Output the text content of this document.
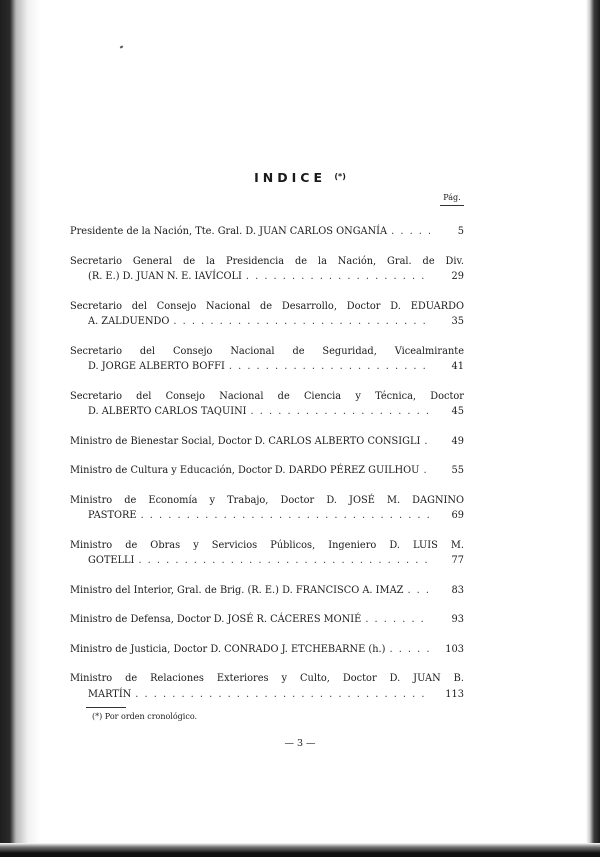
INDICE (*)
Pág.
Presidente de la Nación, Tte. Gral. D. JUAN CARLOS ONGANÍA . . .	5
Secretario General de la Presidencia de la Nación, Gral. de Div.
(R. E.) D. JUAN N. E. IAVÍCOLI . . .	29
Secretario del Consejo Nacional de Desarrollo, Doctor D. EDUARDO
A. ZALDUENDO . . .	35
Secretario del Consejo Nacional de Seguridad, Vicealmirante
D. JORGE ALBERTO BOFFI . . .	41
Secretario del Consejo Nacional de Ciencia y Técnica, Doctor
D. ALBERTO CARLOS TAQUINI . . .	45
Ministro de Bienestar Social, Doctor D. CARLOS ALBERTO CONSIGLI . . .	49
Ministro de Cultura y Educación, Doctor D. DARDO PÉREZ GUILHOU . . .	55
Ministro de Economía y Trabajo, Doctor D. JOSÉ M. DAGNINO
PASTORE . . .	69
Ministro de Obras y Servicios Públicos, Ingeniero D. LUIS M.
GOTELLI . . .	77
Ministro del Interior, Gral. de Brig. (R. E.) D. FRANCISCO A. IMAZ . . .	83
Ministro de Defensa, Doctor D. JOSÉ R. CÁCERES MONIÉ . . .	93
Ministro de Justicia, Doctor D. CONRADO J. ETCHEBARNE (h.) . . .	103
Ministro de Relaciones Exteriores y Culto, Doctor D. JUAN B.
MARTÍN . . .	113
(*) Por orden cronológico.
— 3 —
